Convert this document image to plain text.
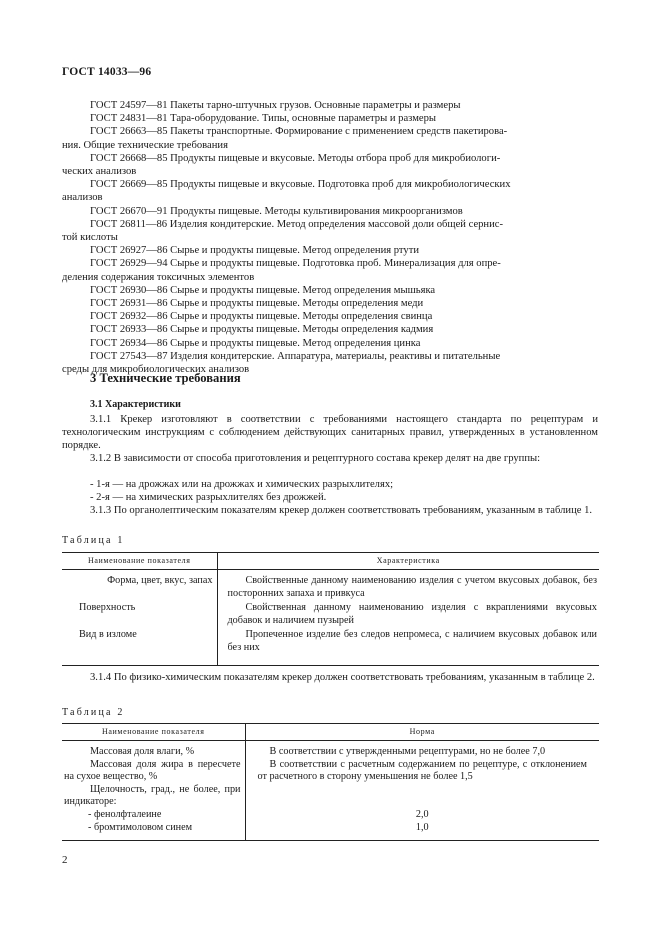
ГОСТ 14033—96
ГОСТ 24597—81 Пакеты тарно-штучных грузов. Основные параметры и размеры
ГОСТ 24831—81 Тара-оборудование. Типы, основные параметры и размеры
ГОСТ 26663—85 Пакеты транспортные. Формирование с применением средств пакетирова-
ния. Общие технические требования
ГОСТ 26668—85 Продукты пищевые и вкусовые. Методы отбора проб для микробиологи-
ческих анализов
ГОСТ 26669—85 Продукты пищевые и вкусовые. Подготовка проб для микробиологических
анализов
ГОСТ 26670—91 Продукты пищевые. Методы культивирования микроорганизмов
ГОСТ 26811—86 Изделия кондитерские. Метод определения массовой доли общей сернис-
той кислоты
ГОСТ 26927—86 Сырье и продукты пищевые. Метод определения ртути
ГОСТ 26929—94 Сырье и продукты пищевые. Подготовка проб. Минерализация для опре-
деления содержания токсичных элементов
ГОСТ 26930—86 Сырье и продукты пищевые. Метод определения мышьяка
ГОСТ 26931—86 Сырье и продукты пищевые. Методы определения меди
ГОСТ 26932—86 Сырье и продукты пищевые. Методы определения свинца
ГОСТ 26933—86 Сырье и продукты пищевые. Методы определения кадмия
ГОСТ 26934—86 Сырье и продукты пищевые. Метод определения цинка
ГОСТ 27543—87 Изделия кондитерские. Аппаратура, материалы, реактивы и питательные
среды для микробиологических анализов
3 Технические требования
3.1 Характеристики
3.1.1 Крекер изготовляют в соответствии с требованиями настоящего стандарта по рецептурам и технологическим инструкциям с соблюдением действующих санитарных правил, утвержденных в установленном порядке.
3.1.2 В зависимости от способа приготовления и рецептурного состава крекер делят на две группы:
- 1-я — на дрожжах или на дрожжах и химических разрыхлителях;
- 2-я — на химических разрыхлителях без дрожжей.
3.1.3 По органолептическим показателям крекер должен соответствовать требованиям, указанным в таблице 1.
Таблица 1
Наименование показателя	Характеристика
Форма, цвет, вкус, запах	Свойственные данному наименованию изделия с учетом вкусовых добавок, без посторонних запаха и привкуса
Поверхность	Свойственная данному наименованию изделия с вкраплениями вкусовых добавок и наличием пузырей
Вид в изломе	Пропеченное изделие без следов непромеса, с наличием вкусовых добавок или без них
3.1.4 По физико-химическим показателям крекер должен соответствовать требованиям, указанным в таблице 2.
Таблица 2
Наименование показателя	Норма
Массовая доля влаги, %	В соответствии с утвержденными рецептурами, но не более 7,0
Массовая доля жира в пересчете на сухое вещество, %	В соответствии с расчетным содержанием по рецептуре, с отклонением от расчетного в сторону уменьшения не более 1,5
Щелочность, град., не более, при индикаторе:	
- фенолфталеине	2,0
- бромтимоловом синем	1,0
2
